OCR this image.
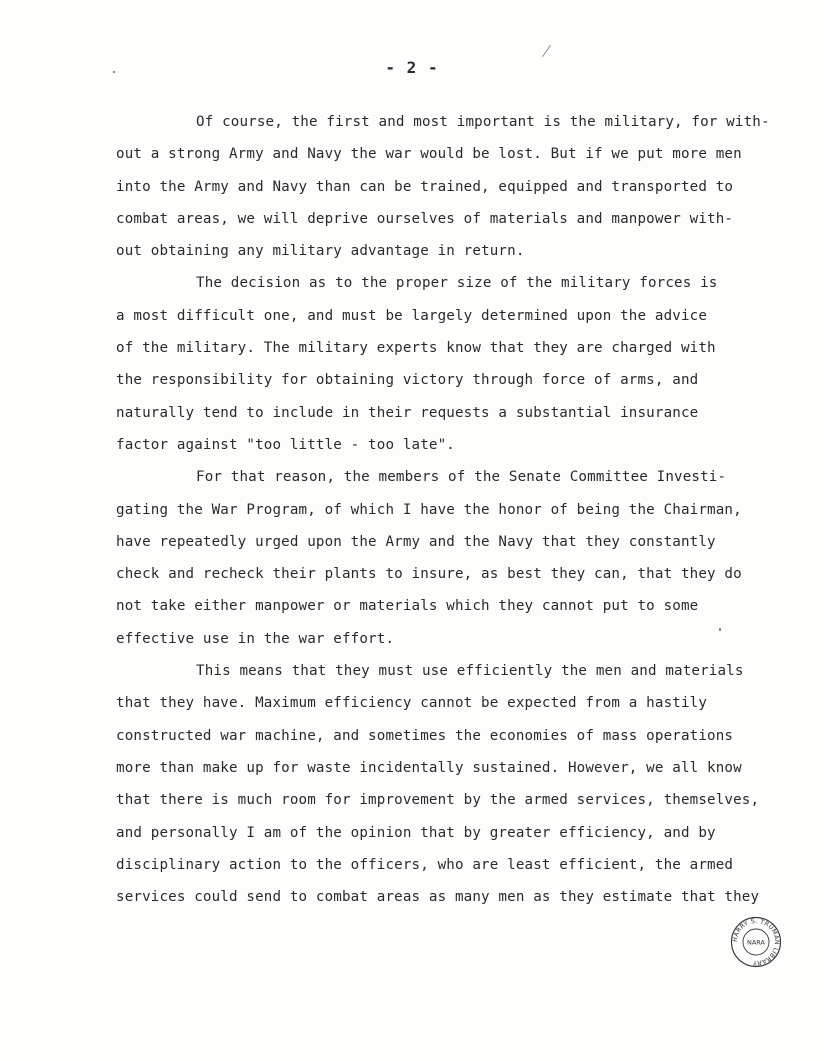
- 2 -
Of course, the first and most important is the military, for with-
out a strong Army and Navy the war would be lost. But if we put more men
into the Army and Navy than can be trained, equipped and transported to
combat areas, we will deprive ourselves of materials and manpower with-
out obtaining any military advantage in return.
The decision as to the proper size of the military forces is
a most difficult one, and must be largely determined upon the advice
of the military. The military experts know that they are charged with
the responsibility for obtaining victory through force of arms, and
naturally tend to include in their requests a substantial insurance
factor against "too little - too late".
For that reason, the members of the Senate Committee Investi-
gating the War Program, of which I have the honor of being the Chairman,
have repeatedly urged upon the Army and the Navy that they constantly
check and recheck their plants to insure, as best they can, that they do
not take either manpower or materials which they cannot put to some
effective use in the war effort.
This means that they must use efficiently the men and materials
that they have. Maximum efficiency cannot be expected from a hastily
constructed war machine, and sometimes the economies of mass operations
more than make up for waste incidentally sustained. However, we all know
that there is much room for improvement by the armed services, themselves,
and personally I am of the opinion that by greater efficiency, and by
disciplinary action to the officers, who are least efficient, the armed
services could send to combat areas as many men as they estimate that they
HARRY S. TRUMAN LIBRARY
NARA
